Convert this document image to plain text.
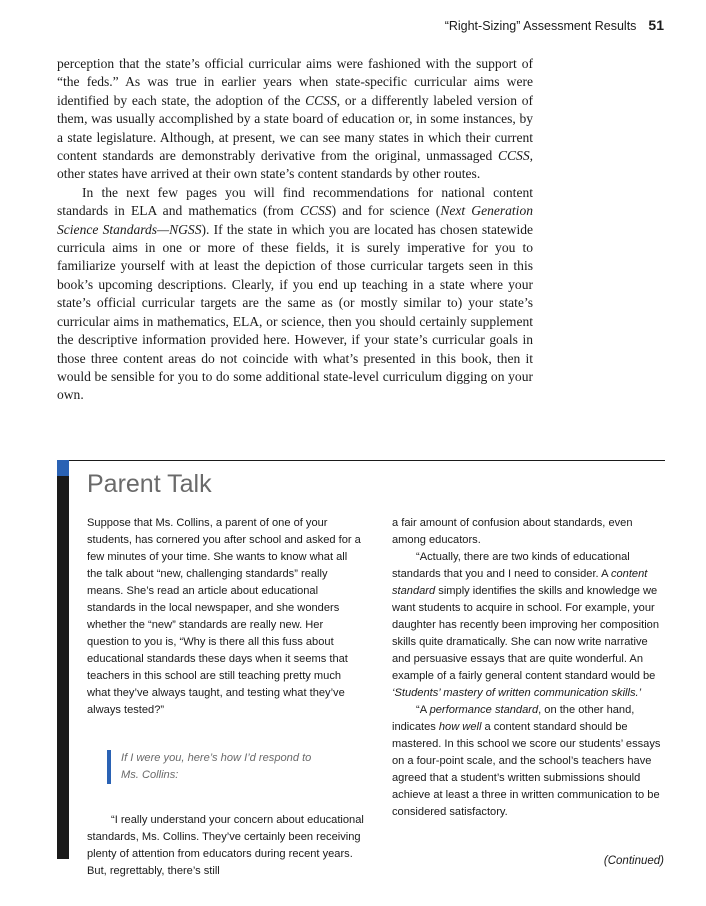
“Right-Sizing” Assessment Results 51

perception that the state’s official curricular aims were fashioned with the support of “the feds.” As was true in earlier years when state-specific curricular aims were identified by each state, the adoption of the CCSS, or a differently labeled version of them, was usually accomplished by a state board of education or, in some instances, by a state legislature. Although, at present, we can see many states in which their current content standards are demonstrably derivative from the original, unmassaged CCSS, other states have arrived at their own state’s content standards by other routes.

In the next few pages you will find recommendations for national content standards in ELA and mathematics (from CCSS) and for science (Next Generation Science Standards—NGSS). If the state in which you are located has chosen statewide curricula aims in one or more of these fields, it is surely imperative for you to familiarize yourself with at least the depiction of those curricular targets seen in this book’s upcoming descriptions. Clearly, if you end up teaching in a state where your state’s official curricular targets are the same as (or mostly similar to) your state’s curricular aims in mathematics, ELA, or science, then you should certainly supplement the descriptive information provided here. However, if your state’s curricular goals in those three content areas do not coincide with what’s presented in this book, then it would be sensible for you to do some additional state-level curriculum digging on your own.

Parent Talk

Suppose that Ms. Collins, a parent of one of your students, has cornered you after school and asked for a few minutes of your time. She wants to know what all the talk about “new, challenging standards” really means. She’s read an article about educational standards in the local newspaper, and she wonders whether the “new” standards are really new. Her question to you is, “Why is there all this fuss about educational standards these days when it seems that teachers in this school are still teaching pretty much what they’ve always taught, and testing what they’ve always tested?”

If I were you, here’s how I’d respond to Ms. Collins:

“I really understand your concern about educational standards, Ms. Collins. They’ve certainly been receiving plenty of attention from educators during recent years. But, regrettably, there’s still

a fair amount of confusion about standards, even among educators.

“Actually, there are two kinds of educational standards that you and I need to consider. A content standard simply identifies the skills and knowledge we want students to acquire in school. For example, your daughter has recently been improving her composition skills quite dramatically. She can now write narrative and persuasive essays that are quite wonderful. An example of a fairly general content standard would be ‘Students’ mastery of written communication skills.’

“A performance standard, on the other hand, indicates how well a content standard should be mastered. In this school we score our students’ essays on a four-point scale, and the school’s teachers have agreed that a student’s written submissions should achieve at least a three in written communication to be considered satisfactory.

(Continued)
